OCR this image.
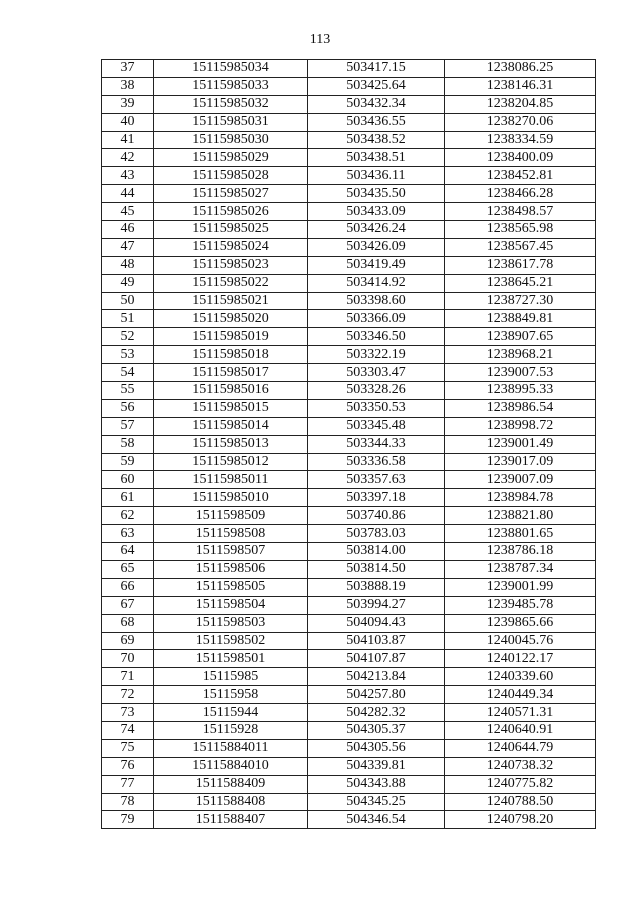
113
37	15115985034	503417.15	1238086.25
38	15115985033	503425.64	1238146.31
39	15115985032	503432.34	1238204.85
40	15115985031	503436.55	1238270.06
41	15115985030	503438.52	1238334.59
42	15115985029	503438.51	1238400.09
43	15115985028	503436.11	1238452.81
44	15115985027	503435.50	1238466.28
45	15115985026	503433.09	1238498.57
46	15115985025	503426.24	1238565.98
47	15115985024	503426.09	1238567.45
48	15115985023	503419.49	1238617.78
49	15115985022	503414.92	1238645.21
50	15115985021	503398.60	1238727.30
51	15115985020	503366.09	1238849.81
52	15115985019	503346.50	1238907.65
53	15115985018	503322.19	1238968.21
54	15115985017	503303.47	1239007.53
55	15115985016	503328.26	1238995.33
56	15115985015	503350.53	1238986.54
57	15115985014	503345.48	1238998.72
58	15115985013	503344.33	1239001.49
59	15115985012	503336.58	1239017.09
60	15115985011	503357.63	1239007.09
61	15115985010	503397.18	1238984.78
62	1511598509	503740.86	1238821.80
63	1511598508	503783.03	1238801.65
64	1511598507	503814.00	1238786.18
65	1511598506	503814.50	1238787.34
66	1511598505	503888.19	1239001.99
67	1511598504	503994.27	1239485.78
68	1511598503	504094.43	1239865.66
69	1511598502	504103.87	1240045.76
70	1511598501	504107.87	1240122.17
71	15115985	504213.84	1240339.60
72	15115958	504257.80	1240449.34
73	15115944	504282.32	1240571.31
74	15115928	504305.37	1240640.91
75	15115884011	504305.56	1240644.79
76	15115884010	504339.81	1240738.32
77	1511588409	504343.88	1240775.82
78	1511588408	504345.25	1240788.50
79	1511588407	504346.54	1240798.20
